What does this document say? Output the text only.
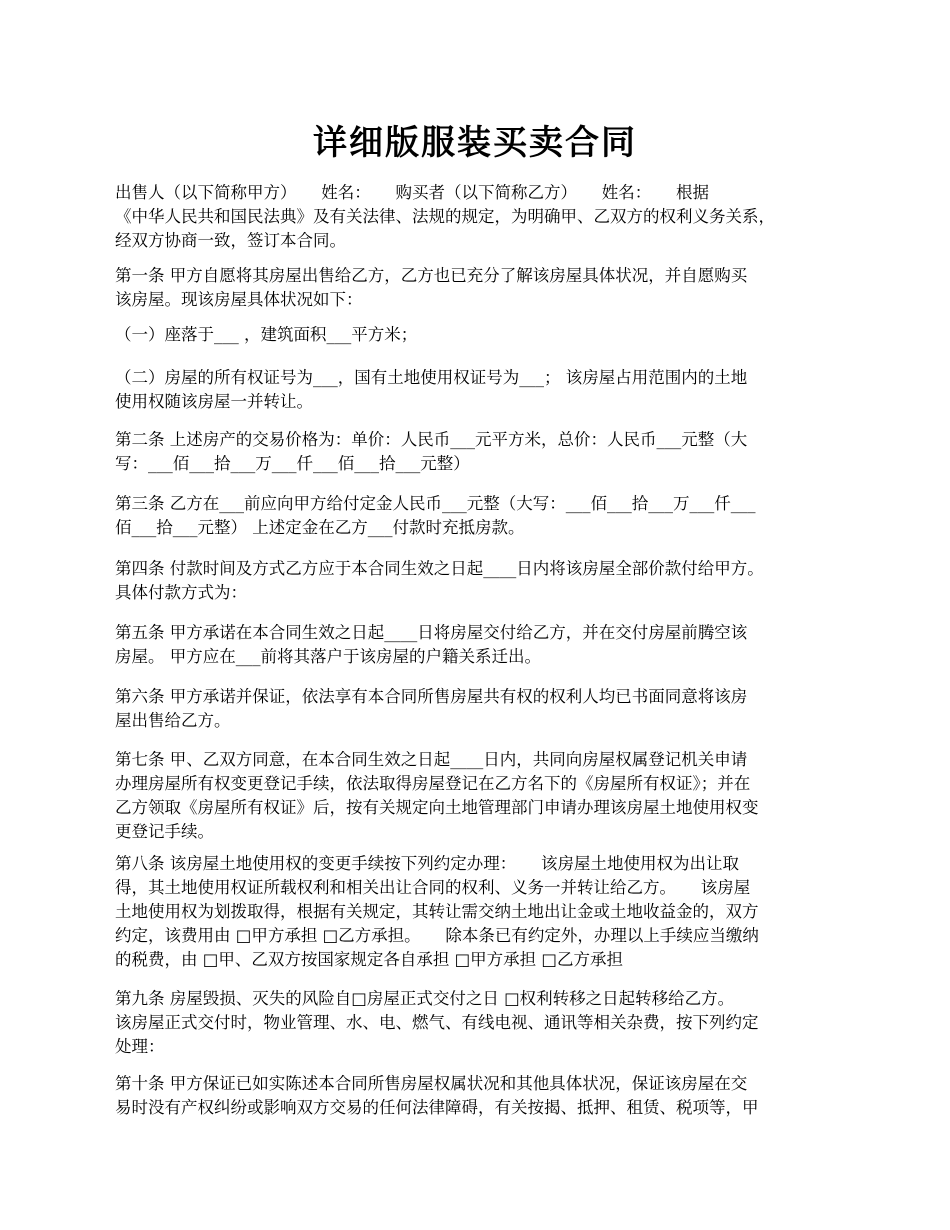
详细版服装买卖合同
出售人（以下简称甲方）　　姓名：　　购买者（以下简称乙方）　　姓名：　　根据
《中华人民共和国民法典》及有关法律、法规的规定，为明确甲、乙双方的权利义务关系，
经双方协商一致，签订本合同。
第一条 甲方自愿将其房屋出售给乙方，乙方也已充分了解该房屋具体状况，并自愿购买
该房屋。现该房屋具体状况如下：
（一）座落于___ ，建筑面积___平方米；
（二）房屋的所有权证号为___，国有土地使用权证号为___； 该房屋占用范围内的土地
使用权随该房屋一并转让。
第二条 上述房产的交易价格为：单价：人民币___元平方米，总价：人民币___元整（大
写：___佰___拾___万___仟___佰___拾___元整）
第三条 乙方在___前应向甲方给付定金人民币___元整（大写：___佰___拾___万___仟___
佰___拾___元整） 上述定金在乙方___付款时充抵房款。
第四条 付款时间及方式乙方应于本合同生效之日起____日内将该房屋全部价款付给甲方。
具体付款方式为：
第五条 甲方承诺在本合同生效之日起____日将房屋交付给乙方，并在交付房屋前腾空该
房屋。 甲方应在___前将其落户于该房屋的户籍关系迁出。
第六条 甲方承诺并保证，依法享有本合同所售房屋共有权的权利人均已书面同意将该房
屋出售给乙方。
第七条 甲、乙双方同意，在本合同生效之日起____日内，共同向房屋权属登记机关申请
办理房屋所有权变更登记手续，依法取得房屋登记在乙方名下的《房屋所有权证》；并在
乙方领取《房屋所有权证》后，按有关规定向土地管理部门申请办理该房屋土地使用权变
更登记手续。
第八条 该房屋土地使用权的变更手续按下列约定办理：　　该房屋土地使用权为出让取
得，其土地使用权证所载权利和相关出让合同的权利、义务一并转让给乙方。　　该房屋
土地使用权为划拨取得，根据有关规定，其转让需交纳土地出让金或土地收益金的，双方
约定，该费用由 □甲方承担 □乙方承担。　　除本条已有约定外，办理以上手续应当缴纳
的税费，由 □甲、乙双方按国家规定各自承担 □甲方承担 □乙方承担
第九条 房屋毁损、灭失的风险自□房屋正式交付之日 □权利转移之日起转移给乙方。
该房屋正式交付时，物业管理、水、电、燃气、有线电视、通讯等相关杂费，按下列约定
处理：
第十条 甲方保证已如实陈述本合同所售房屋权属状况和其他具体状况，保证该房屋在交
易时没有产权纠纷或影响双方交易的任何法律障碍，有关按揭、抵押、租赁、税项等，甲
